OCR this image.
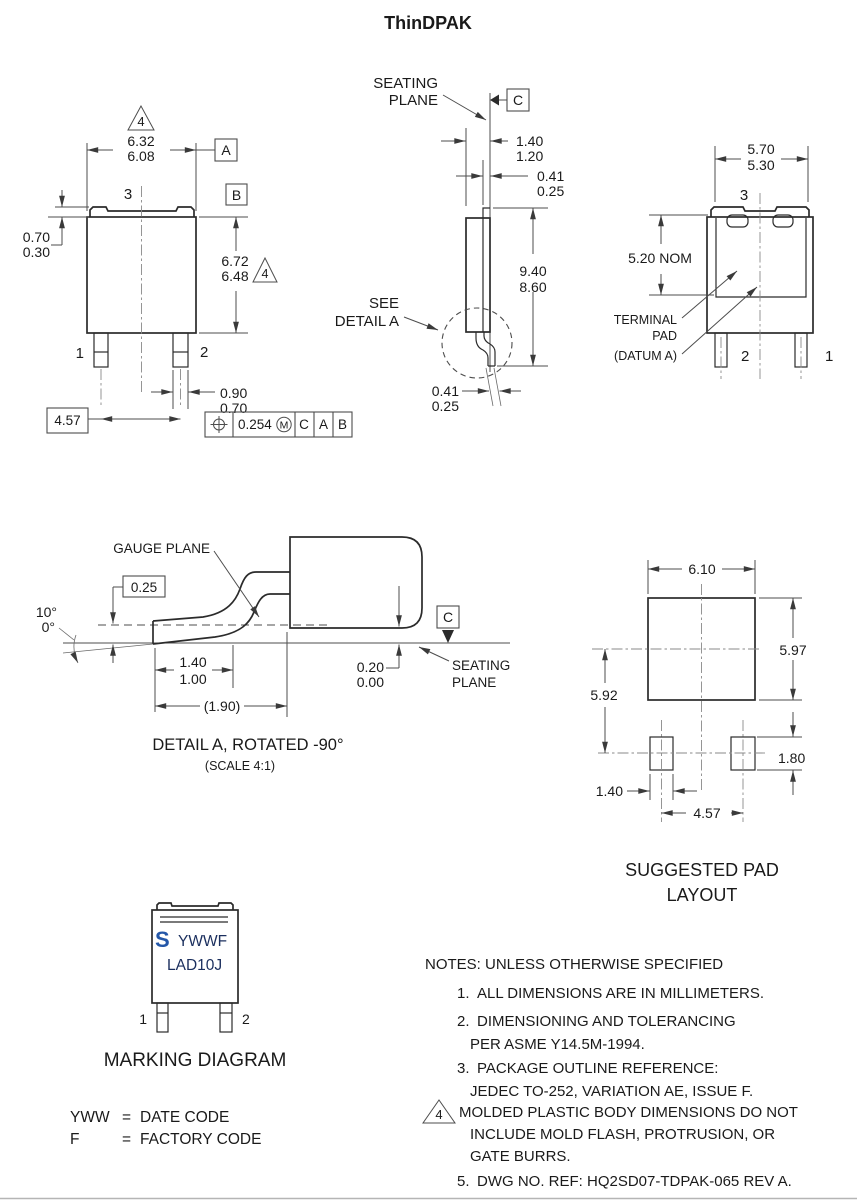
ThinDPAK
6.32
6.08
4
A
3	B
6.72
6.48 4
0.70
0.30
1	2
0.90
0.70
4.57	0.254 M C A B
SEATING
PLANE	C
1.40
1.20
0.41
0.25
9.40
8.60
SEE
DETAIL A
0.41
0.25
5.70
5.30
3
5.20 NOM
TERMINAL
PAD
(DATUM A)	2	1
10°
0°
GAUGE PLANE
0.25
1.40
1.00
(1.90)
0.20
0.00
C
SEATING
PLANE
DETAIL A, ROTATED -90°
(SCALE 4:1)
6.10
5.97
5.92
1.80
1.40
4.57
SUGGESTED PAD
LAYOUT
S YWWF
LAD10J
1	2
MARKING DIAGRAM
YWW = DATE CODE
F	= FACTORY CODE
NOTES: UNLESS OTHERWISE SPECIFIED
1. ALL DIMENSIONS ARE IN MILLIMETERS.
2. DIMENSIONING AND TOLERANCING
PER ASME Y14.5M-1994.
3. PACKAGE OUTLINE REFERENCE:
JEDEC TO-252, VARIATION AE, ISSUE F.
4 MOLDED PLASTIC BODY DIMENSIONS DO NOT
INCLUDE MOLD FLASH, PROTRUSION, OR
GATE BURRS.
5. DWG NO. REF: HQ2SD07-TDPAK-065 REV A.
